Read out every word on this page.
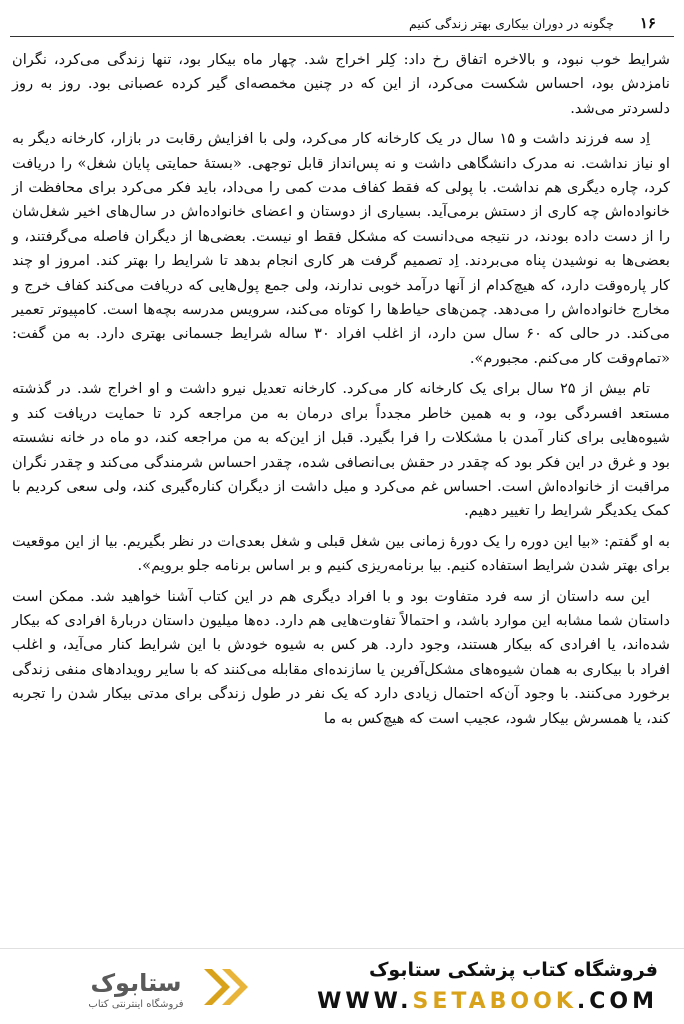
۱۶
چگونه در دوران بیکاری بهتر زندگی کنیم

شرایط خوب نبود، و بالاخره اتفاق رخ داد: کِلر اخراج شد. چهار ماه بیکار بود، تنها زندگی می‌کرد، نگران نامزدش بود، احساس شکست می‌کرد، از این که در چنین مخمصه‌ای گیر کرده عصبانی بود. روز به روز دلسردتر می‌شد.

اِد سه فرزند داشت و ۱۵ سال در یک کارخانه کار می‌کرد، ولی با افزایش رقابت در بازار، کارخانه دیگر به او نیاز نداشت. نه مدرک دانشگاهی داشت و نه پس‌انداز قابل توجهی. «بستهٔ حمایتی پایان شغل» را دریافت کرد، چاره دیگری هم نداشت. با پولی که فقط کفاف مدت کمی را می‌داد، باید فکر می‌کرد برای محافظت از خانواده‌اش چه کاری از دستش برمی‌آید. بسیاری از دوستان و اعضای خانواده‌اش در سال‌های اخیر شغل‌شان را از دست داده بودند، در نتیجه می‌دانست که مشکل فقط او نیست. بعضی‌ها از دیگران فاصله می‌گرفتند، و بعضی‌ها به نوشیدن پناه می‌بردند. اِد تصمیم گرفت هر کاری انجام بدهد تا شرایط را بهتر کند. امروز او چند کار پاره‌وقت دارد، که هیچ‌کدام از آنها درآمد خوبی ندارند، ولی جمع پول‌هایی که دریافت می‌کند کفاف خرج و مخارج خانواده‌اش را می‌دهد. چمن‌های حیاط‌ها را کوتاه می‌کند، سرویس مدرسه بچه‌ها است. کامپیوتر تعمیر می‌کند. در حالی که ۶۰ سال سن دارد، از اغلب افراد ۳۰ ساله شرایط جسمانی بهتری دارد. به من گفت: «تمام‌وقت کار می‌کنم. مجبورم».

تام بیش از ۲۵ سال برای یک کارخانه کار می‌کرد. کارخانه تعدیل نیرو داشت و او اخراج شد. در گذشته مستعد افسردگی بود، و به همین خاطر مجدداً برای درمان به من مراجعه کرد تا حمایت دریافت کند و شیوه‌هایی برای کنار آمدن با مشکلات را فرا بگیرد. قبل از این‌که به من مراجعه کند، دو ماه در خانه نشسته بود و غرق در این فکر بود که چقدر در حقش بی‌انصافی شده، چقدر احساس شرمندگی می‌کند و چقدر نگران مراقبت از خانواده‌اش است. احساس غم می‌کرد و میل داشت از دیگران کناره‌گیری کند، ولی سعی کردیم با کمک یکدیگر شرایط را تغییر دهیم.

به او گفتم: «بیا این دوره را یک دورهٔ زمانی بین شغل قبلی و شغل بعدی‌ات در نظر بگیریم. بیا از این موقعیت برای بهتر شدن شرایط استفاده کنیم. بیا برنامه‌ریزی کنیم و بر اساس برنامه جلو برویم».

این سه داستان از سه فرد متفاوت بود و با افراد دیگری هم در این کتاب آشنا خواهید شد. ممکن است داستان شما مشابه این موارد باشد، و احتمالاً تفاوت‌هایی هم دارد. ده‌ها میلیون داستان دربارهٔ افرادی که بیکار شده‌اند، یا افرادی که بیکار هستند، وجود دارد. هر کس به شیوه خودش با این شرایط کنار می‌آید، و اغلب افراد با بیکاری به همان شیوه‌های مشکل‌آفرین یا سازنده‌ای مقابله می‌کنند که با سایر رویدادهای منفی زندگی برخورد می‌کنند. با وجود آن‌که احتمال زیادی دارد که یک نفر در طول زندگی برای مدتی بیکار شدن را تجربه کند، یا همسرش بیکار شود، عجیب است که هیچ‌کس به ما

ستابوک
فروشگاه اینترنتی کتاب
فروشگاه کتاب پزشکی ستابوک
WWW.SETABOOK.COM
